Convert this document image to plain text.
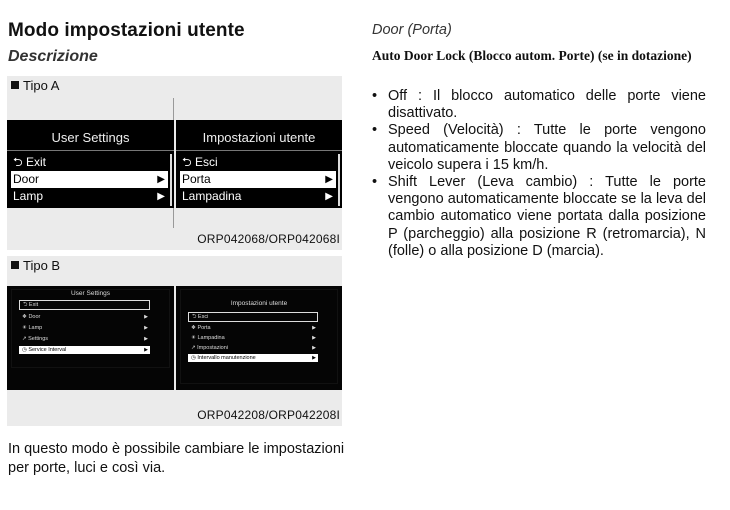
Modo impostazioni utente
Descrizione
Tipo A
User Settings
⮌ Exit
Door	▶
Lamp	▶
Impostazioni utente
⮌ Esci
Porta	▶
Lampadina	▶
ORP042068/ORP042068I
Tipo B
User Settings
⮌ Exit
❖ Door	▶
☀ Lamp	▶
↗ Settings	▶
◷ Service Interval	▶
Impostazioni utente
⮌ Esci
❖ Porta	▶
☀ Lampadina	▶
↗ Impostazioni	▶
◷ Intervallo manutenzione	▶
ORP042208/ORP042208I
In questo modo è possibile cambiare le impostazioni per porte, luci e così via.
Door (Porta)
Auto Door Lock (Blocco autom. Porte) (se in dotazione)
• Off : Il blocco automatico delle porte viene disattivato.
• Speed (Velocità) : Tutte le porte vengono automaticamente bloccate quando la velocità del veicolo supera i 15 km/h.
• Shift Lever (Leva cambio) : Tutte le porte vengono automaticamente bloccate se la leva del cambio automatico viene portata dalla posizione P (parcheggio) alla posizione R (retromarcia), N (folle) o alla posizione D (marcia).
